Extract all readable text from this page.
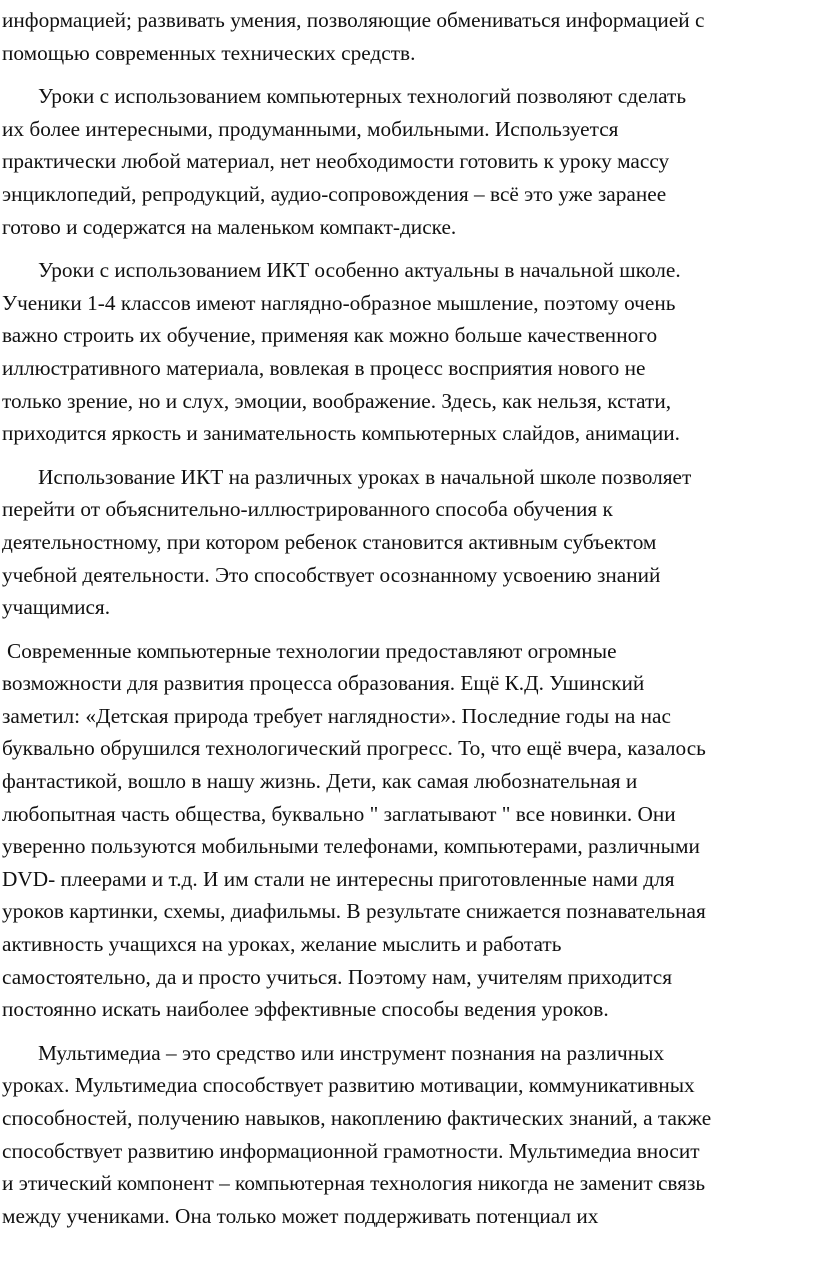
информацией; развивать умения, позволяющие обмениваться информацией с
помощью современных технических средств.

Уроки с использованием компьютерных технологий позволяют сделать
их более интересными, продуманными, мобильными. Используется
практически любой материал, нет необходимости готовить к уроку массу
энциклопедий, репродукций, аудио-сопровождения – всё это уже заранее
готово и содержатся на маленьком компакт-диске.

Уроки с использованием ИКТ особенно актуальны в начальной школе.
Ученики 1-4 классов имеют наглядно-образное мышление, поэтому очень
важно строить их обучение, применяя как можно больше качественного
иллюстративного материала, вовлекая в процесс восприятия нового не
только зрение, но и слух, эмоции, воображение. Здесь, как нельзя, кстати,
приходится яркость и занимательность компьютерных слайдов, анимации.

Использование ИКТ на различных уроках в начальной школе позволяет
перейти от объяснительно-иллюстрированного способа обучения к
деятельностному, при котором ребенок становится активным субъектом
учебной деятельности. Это способствует осознанному усвоению знаний
учащимися.

Современные компьютерные технологии предоставляют огромные
возможности для развития процесса образования. Ещё К.Д. Ушинский
заметил: «Детская природа требует наглядности». Последние годы на нас
буквально обрушился технологический прогресс. То, что ещё вчера, казалось
фантастикой, вошло в нашу жизнь. Дети, как самая любознательная и
любопытная часть общества, буквально " заглатывают " все новинки. Они
уверенно пользуются мобильными телефонами, компьютерами, различными
DVD- плеерами и т.д. И им стали не интересны приготовленные нами для
уроков картинки, схемы, диафильмы. В результате снижается познавательная
активность учащихся на уроках, желание мыслить и работать
самостоятельно, да и просто учиться. Поэтому нам, учителям приходится
постоянно искать наиболее эффективные способы ведения уроков.

Мультимедиа – это средство или инструмент познания на различных
уроках. Мультимедиа способствует развитию мотивации, коммуникативных
способностей, получению навыков, накоплению фактических знаний, а также
способствует развитию информационной грамотности. Мультимедиа вносит
и этический компонент – компьютерная технология никогда не заменит связь
между учениками. Она только может поддерживать потенциал их
